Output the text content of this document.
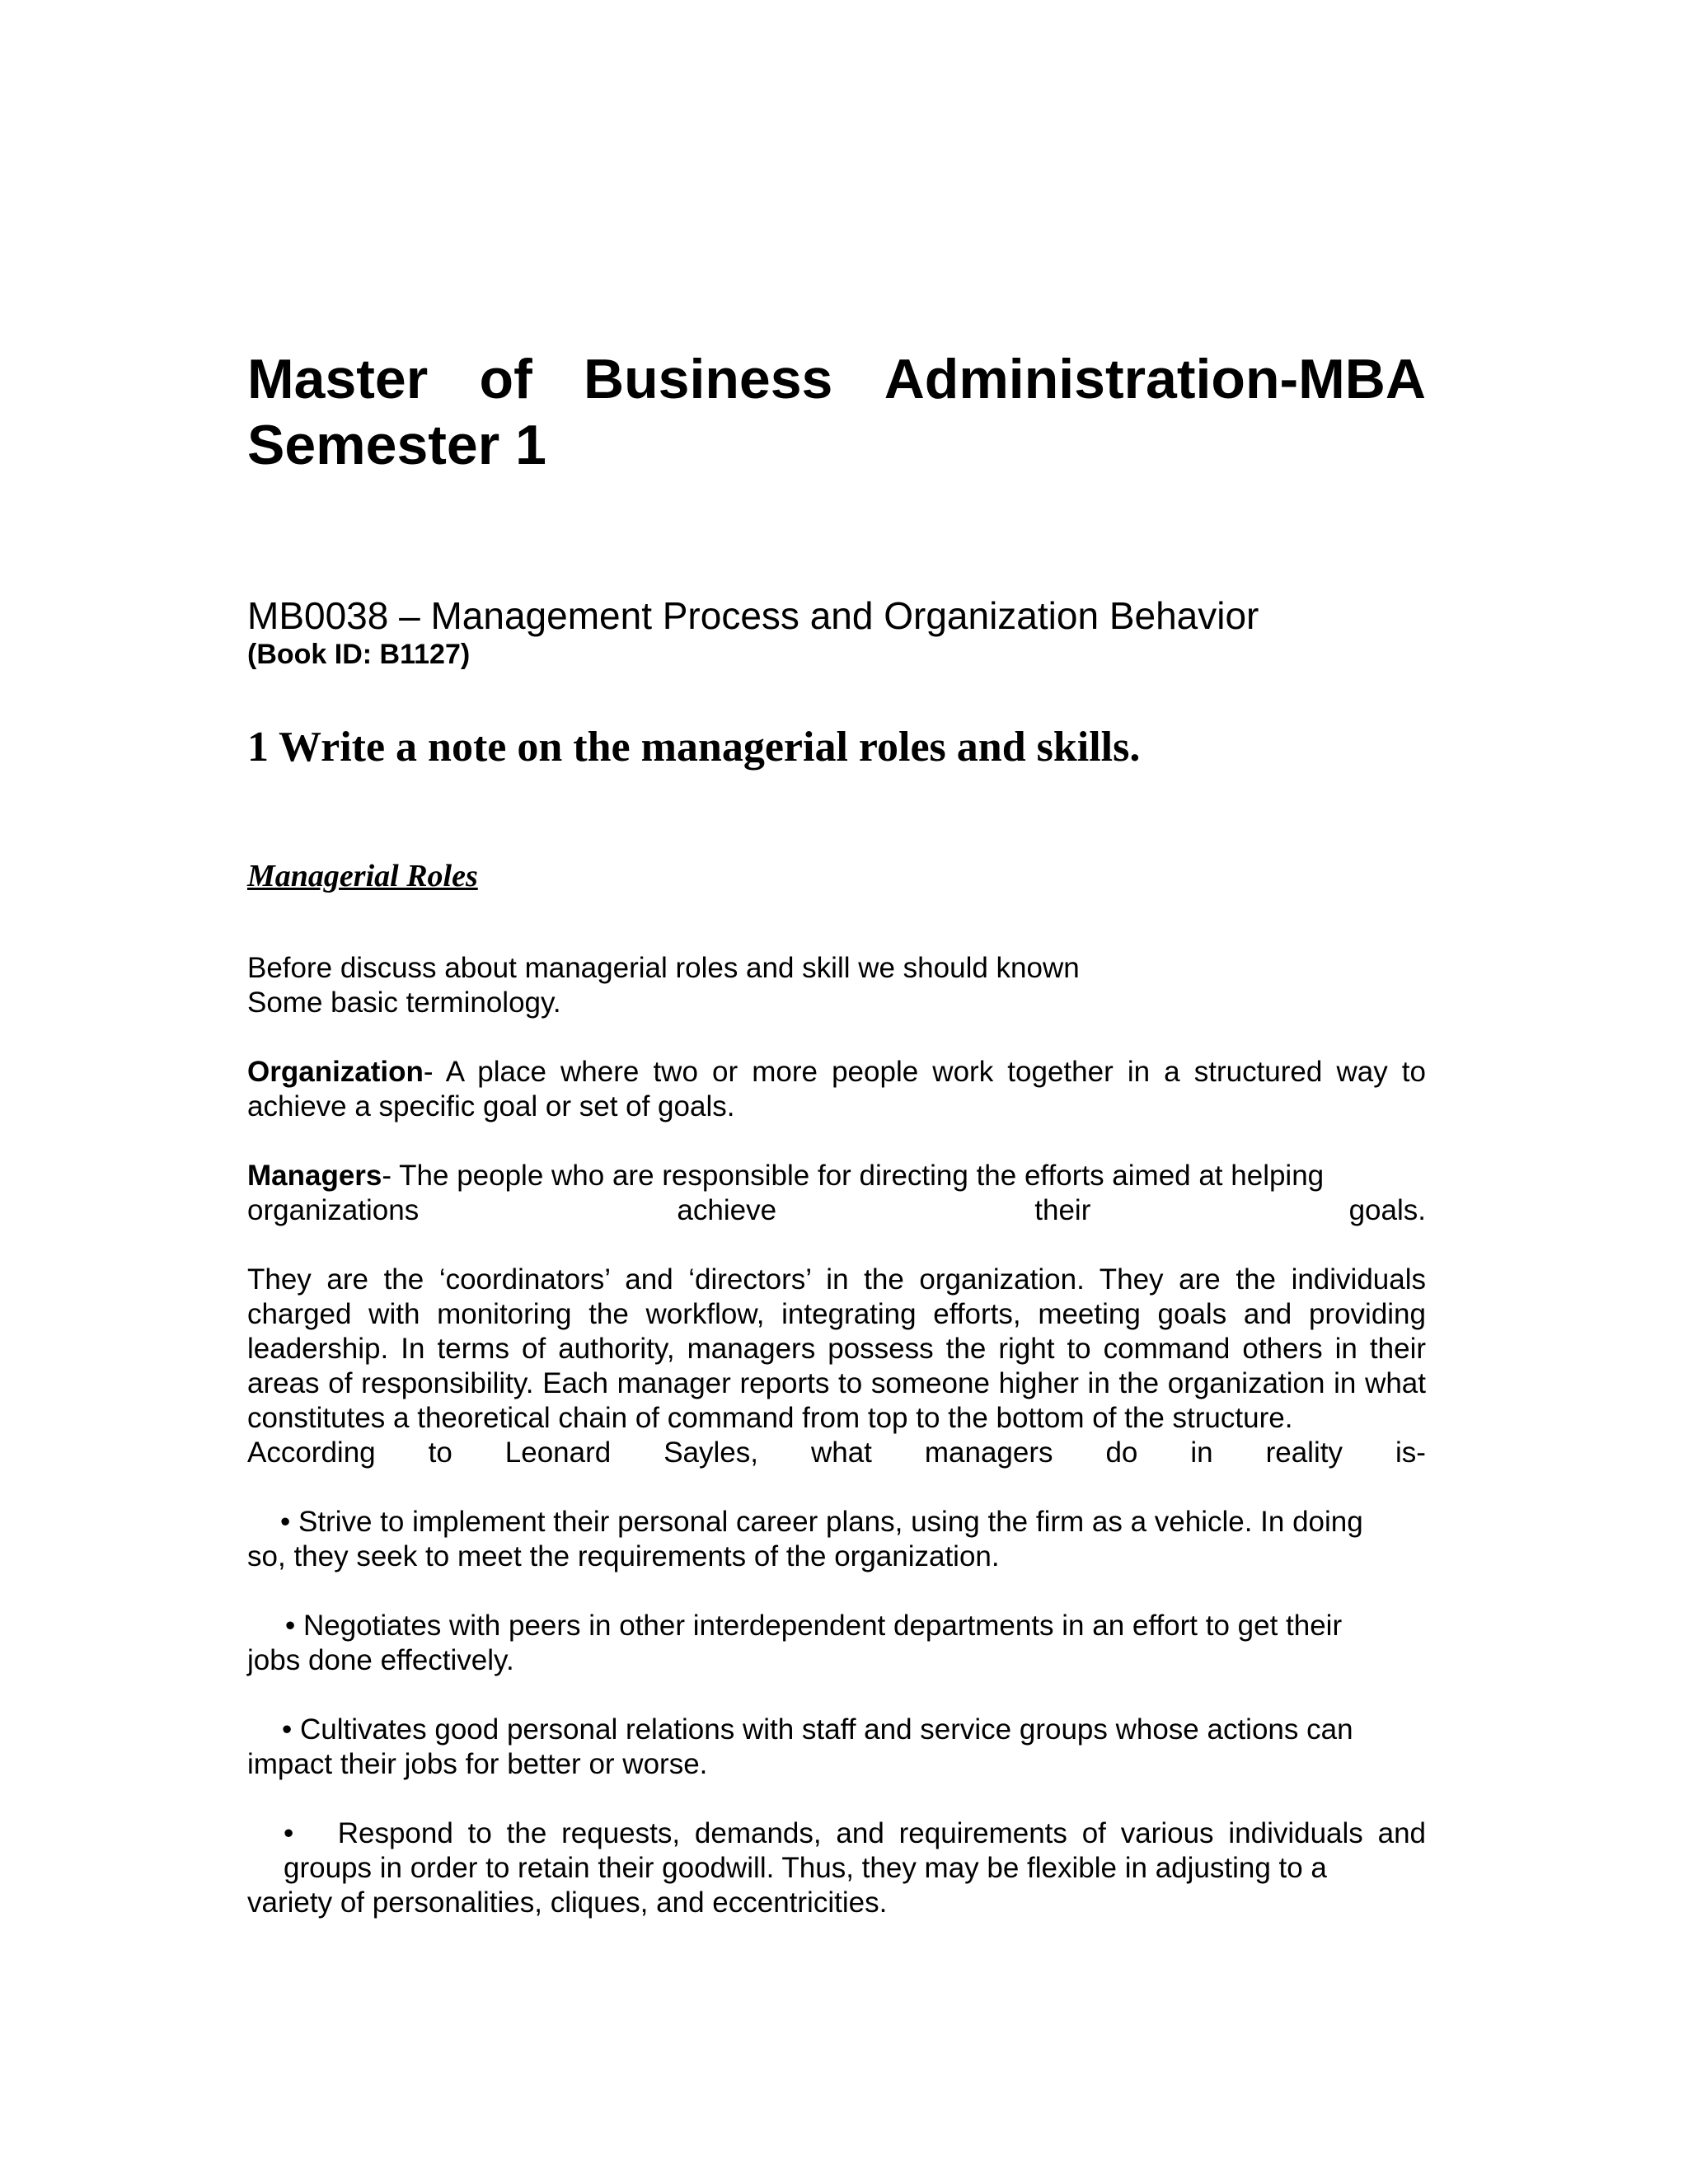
Master of Business Administration-MBA
Semester 1
MB0038 – Management Process and Organization Behavior
(Book ID: B1127)
1 Write a note on the managerial roles and skills.
Managerial Roles
Before discuss about managerial roles and skill we should known
Some basic terminology.
Organization- A place where two or more people work together in a structured way to achieve a specific goal or set of goals.
Managers- The people who are responsible for directing the efforts aimed at helping
organizations	achieve	their	goals.
They are the ‘coordinators’ and ‘directors’ in the organization. They are the individuals charged with monitoring the workflow, integrating efforts, meeting goals and providing leadership. In terms of authority, managers possess the right to command others in their areas of responsibility. Each manager reports to someone higher in the organization in what constitutes a theoretical chain of command from top to the bottom of the structure.
According to Leonard Sayles, what managers do in reality is-
• Strive to implement their personal career plans, using the firm as a vehicle. In doing
so, they seek to meet the requirements of the organization.
• Negotiates with peers in other interdependent departments in an effort to get their
jobs done effectively.
• Cultivates good personal relations with staff and service groups whose actions can
impact their jobs for better or worse.
•   Respond to the requests, demands, and requirements of various individuals and groups in order to retain their goodwill. Thus, they may be flexible in adjusting to a
variety of personalities, cliques, and eccentricities.
